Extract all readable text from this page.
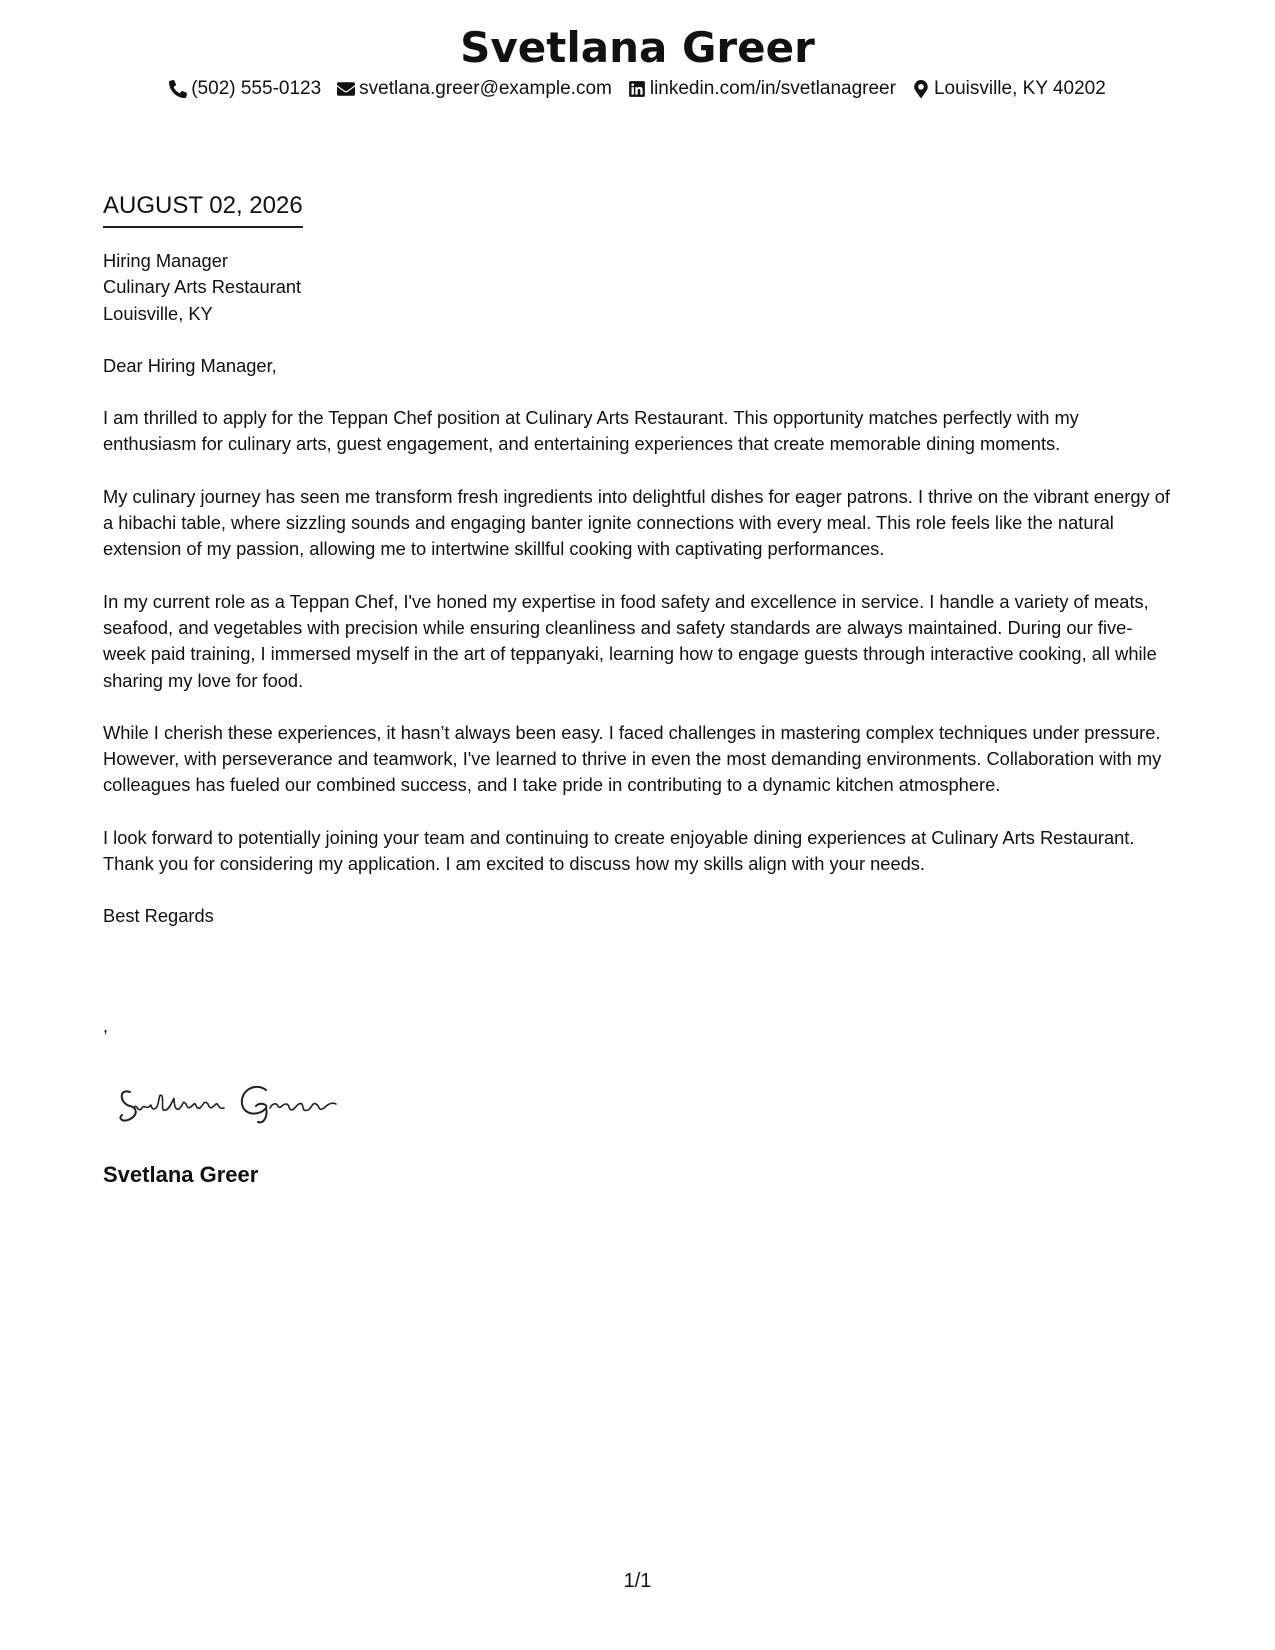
Svetlana Greer
(502) 555-0123 svetlana.greer@example.com linkedin.com/in/svetlanagreer Louisville, KY 40202
AUGUST 02, 2026
Hiring Manager
Culinary Arts Restaurant
Louisville, KY

Dear Hiring Manager,

I am thrilled to apply for the Teppan Chef position at Culinary Arts Restaurant. This opportunity matches perfectly with my enthusiasm for culinary arts, guest engagement, and entertaining experiences that create memorable dining moments.

My culinary journey has seen me transform fresh ingredients into delightful dishes for eager patrons. I thrive on the vibrant energy of a hibachi table, where sizzling sounds and engaging banter ignite connections with every meal. This role feels like the natural extension of my passion, allowing me to intertwine skillful cooking with captivating performances.

In my current role as a Teppan Chef, I've honed my expertise in food safety and excellence in service. I handle a variety of meats, seafood, and vegetables with precision while ensuring cleanliness and safety standards are always maintained. During our five-week paid training, I immersed myself in the art of teppanyaki, learning how to engage guests through interactive cooking, all while sharing my love for food.

While I cherish these experiences, it hasn’t always been easy. I faced challenges in mastering complex techniques under pressure. However, with perseverance and teamwork, I've learned to thrive in even the most demanding environments. Collaboration with my colleagues has fueled our combined success, and I take pride in contributing to a dynamic kitchen atmosphere.

I look forward to potentially joining your team and continuing to create enjoyable dining experiences at Culinary Arts Restaurant. Thank you for considering my application. I am excited to discuss how my skills align with your needs.

Best Regards

,
Svetlana Greer
1/1
